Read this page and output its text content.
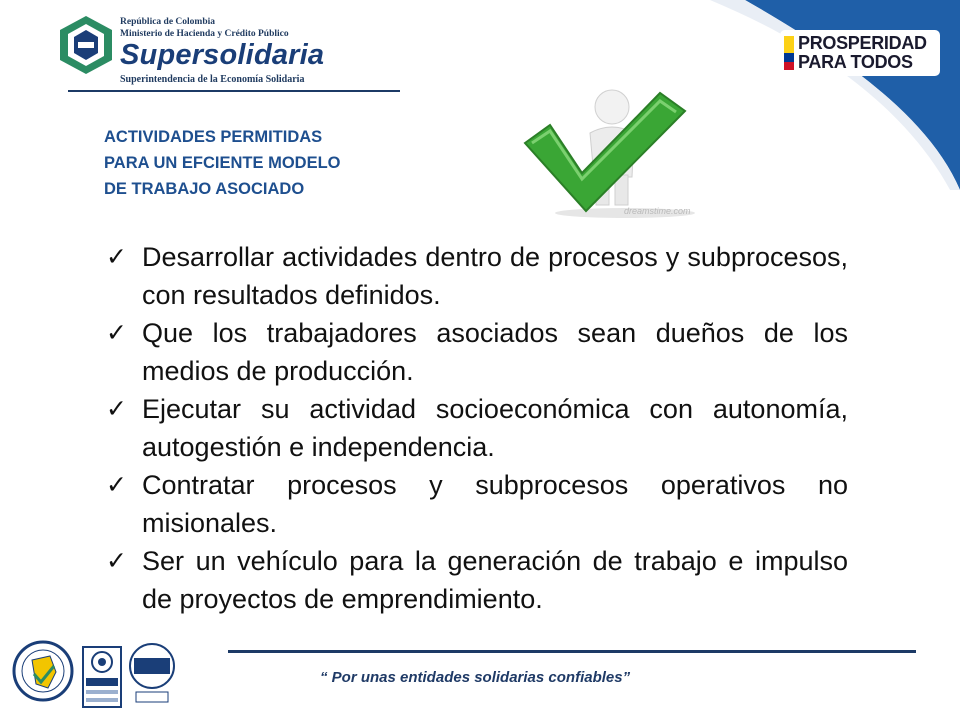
República de Colombia
Ministerio de Hacienda y Crédito Público
Supersolidaria
Superintendencia de la Economía Solidaria
PROSPERIDAD
PARA TODOS
ACTIVIDADES PERMITIDAS
PARA UN EFCIENTE MODELO
DE TRABAJO ASOCIADO
dreamstime.com
✓ Desarrollar actividades dentro de procesos y subprocesos, con resultados definidos.
✓ Que los trabajadores asociados sean dueños de los medios de producción.
✓ Ejecutar su actividad socioeconómica con autonomía, autogestión e independencia.
✓ Contratar procesos y subprocesos operativos no misionales.
✓ Ser un vehículo para la generación de trabajo e impulso de proyectos de emprendimiento.
“ Por unas entidades solidarias confiables”
